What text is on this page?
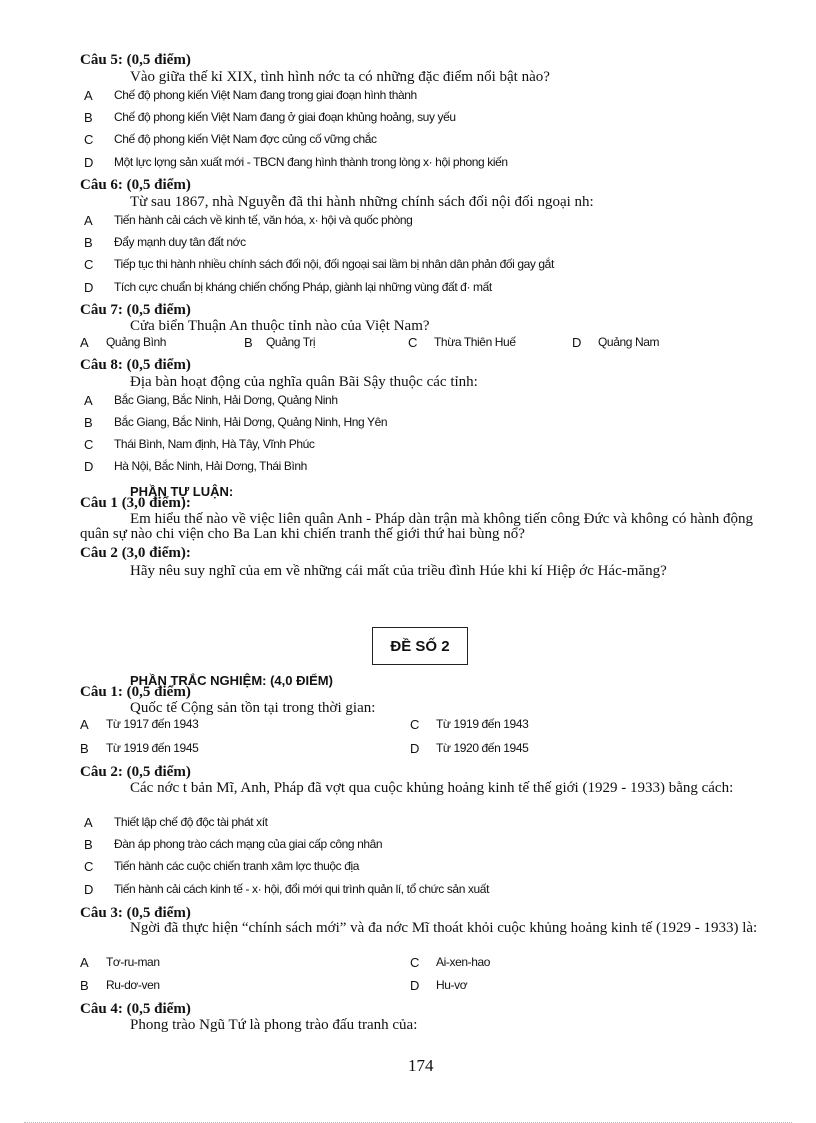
Câu 5: (0,5 điểm)
Vào giữa thế kỉ XIX, tình hình nớc ta có những đặc điểm nổi bật nào?
A Chế độ phong kiến Việt Nam đang trong giai đoạn hình thành
B Chế độ phong kiến Việt Nam đang ở giai đoạn khủng hoảng, suy yếu
C Chế độ phong kiến Việt Nam đợc củng cố vững chắc
D Một lực lợng sản xuất mới - TBCN đang hình thành trong lòng x· hội phong kiến
Câu 6: (0,5 điểm)
Từ sau 1867, nhà Nguyễn đã thi hành những chính sách đối nội đối ngoại nh:
A Tiến hành cải cách về kinh tế, văn hóa, x· hội và quốc phòng
B Đẩy mạnh duy tân đất nớc
C Tiếp tục thi hành nhiều chính sách đối nội, đối ngoại sai lầm bị nhân dân phản đối gay gắt
D Tích cực chuẩn bị kháng chiến chống Pháp, giành lại những vùng đất đ· mất
Câu 7: (0,5 điểm)
Cửa biển Thuận An thuộc tỉnh nào của Việt Nam?
A Quảng Bình	B Quảng Trị	C Thừa Thiên Huế	D Quảng Nam
Câu 8: (0,5 điểm)
Địa bàn hoạt động của nghĩa quân Bãi Sậy thuộc các tỉnh:
A Bắc Giang, Bắc Ninh, Hải Dơng, Quảng Ninh
B Bắc Giang, Bắc Ninh, Hải Dơng, Quảng Ninh, Hng Yên
C Thái Bình, Nam định, Hà Tây, Vĩnh Phúc
D Hà Nội, Bắc Ninh, Hải Dơng, Thái Bình
PHẦN TỰ LUẬN:
Câu 1 (3,0 điểm):
Em hiểu thế nào về việc liên quân Anh - Pháp dàn trận mà không tiến công Đức và không có hành động quân sự nào chi viện cho Ba Lan khi chiến tranh thế giới thứ hai bùng nổ?
Câu 2 (3,0 điểm):
Hãy nêu suy nghĩ của em về những cái mất của triều đình Húe khi kí Hiệp ớc Hác-măng?
ĐỀ SỐ 2
PHẦN TRẮC NGHIỆM: (4,0 ĐIỂM)
Câu 1: (0,5 điểm)
Quốc tế Cộng sản tồn tại trong thời gian:
A Từ 1917 đến 1943	C Từ 1919 đến 1943
B Từ 1919 đến 1945	D Từ 1920 đến 1945
Câu 2: (0,5 điểm)
Các nớc t bản Mĩ, Anh, Pháp đã vợt qua cuộc khủng hoảng kinh tế thế giới (1929 - 1933) bằng cách:
A Thiết lập chế độ độc tài phát xít
B Đàn áp phong trào cách mạng của giai cấp công nhân
C Tiến hành các cuộc chiến tranh xâm lợc thuộc địa
D Tiến hành cải cách kinh tế - x· hội, đổi mới qui trình quản lí, tổ chức sản xuất
Câu 3: (0,5 điểm)
Ngời đã thực hiện “chính sách mới” và đa nớc Mĩ thoát khỏi cuộc khủng hoảng kinh tế (1929 - 1933) là:
A Tơ-ru-man	C Ai-xen-hao
B Ru-dơ-ven	D Hu-vơ
Câu 4: (0,5 điểm)
Phong trào Ngũ Tứ là phong trào đấu tranh của:
174
